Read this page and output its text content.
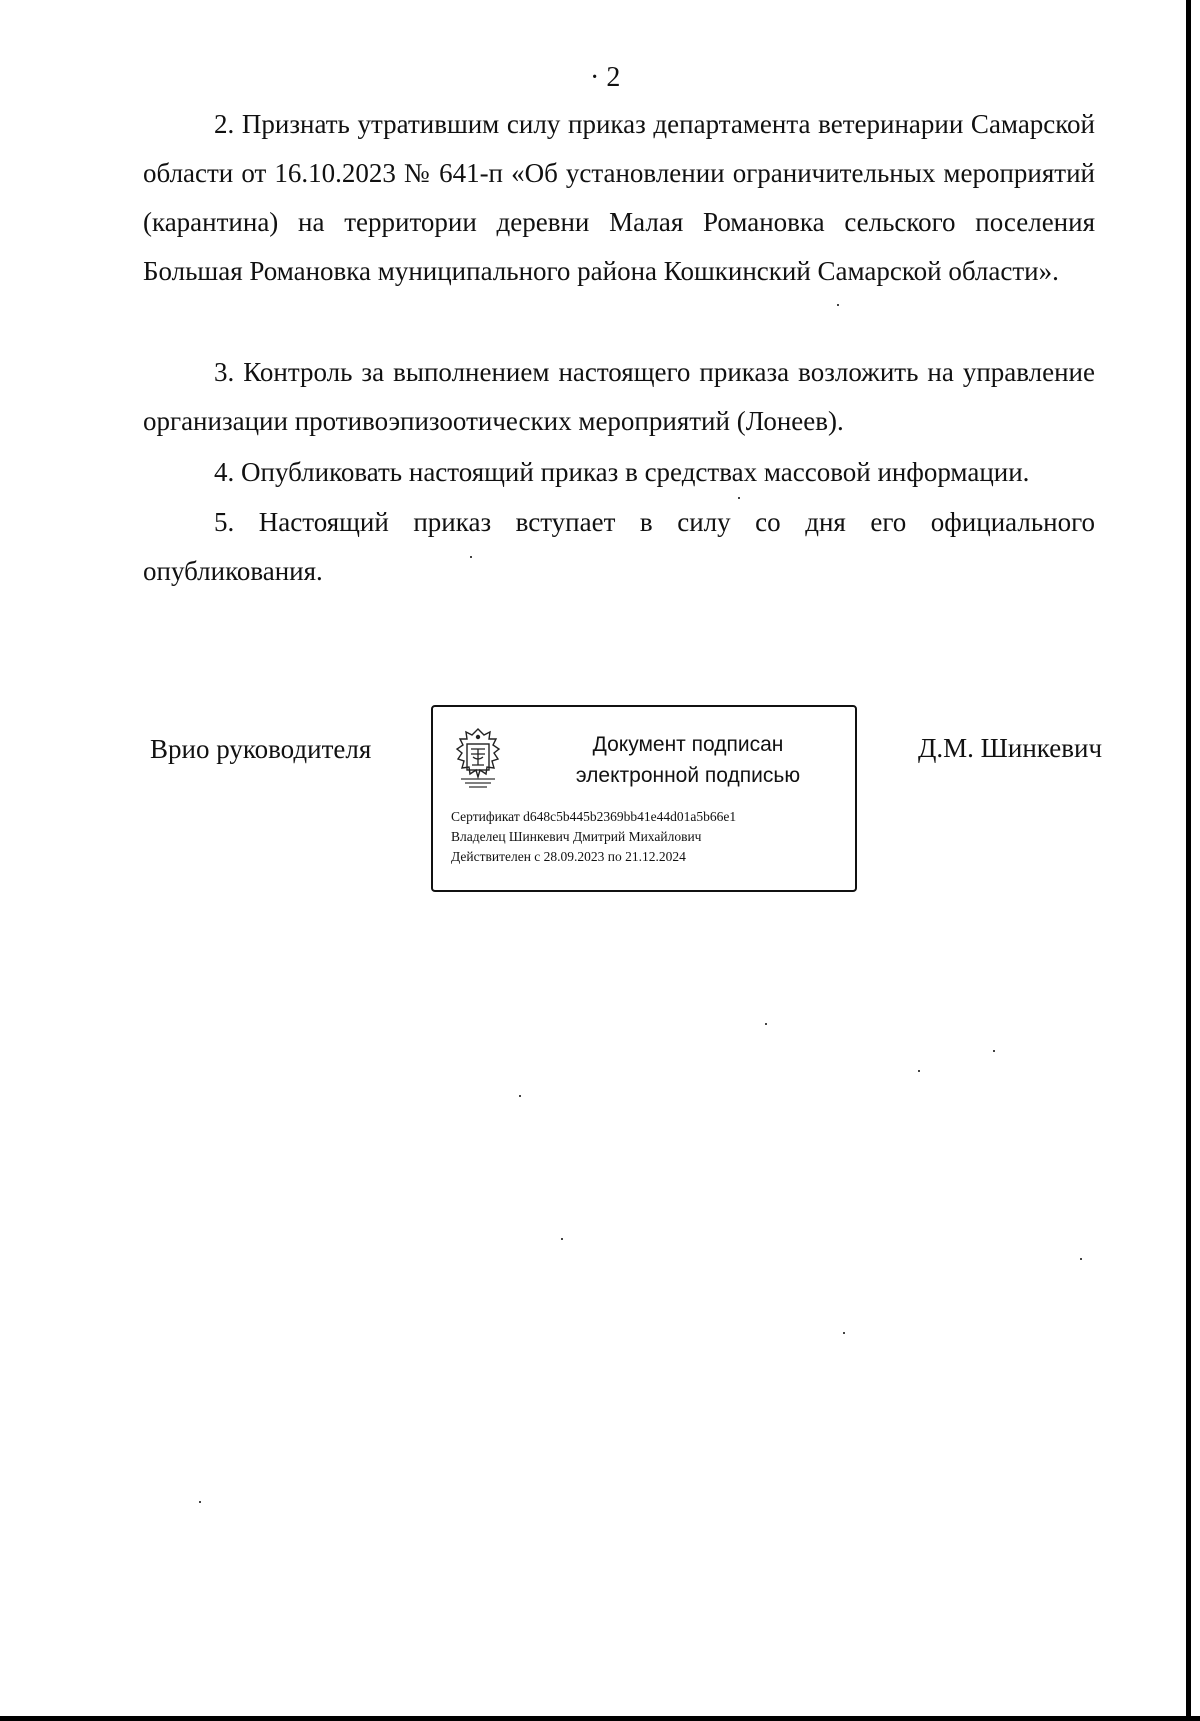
· 2

2. Признать утратившим силу приказ департамента ветеринарии Самарской области от 16.10.2023 № 641-п «Об установлении ограничительных мероприятий (карантина) на территории деревни Малая Романовка сельского поселения Большая Романовка муниципального района Кошкинский Самарской области».

3. Контроль за выполнением настоящего приказа возложить на управление организации противоэпизоотических мероприятий (Лонеев).

4. Опубликовать настоящий приказ в средствах массовой информации.

5. Настоящий приказ вступает в силу со дня его официального опубликования.

Врио руководителя	Документ подписан
электронной подписью
Сертификат d648c5b445b2369bb41e44d01a5b66e1
Владелец Шинкевич Дмитрий Михайлович
Действителен с 28.09.2023 по 21.12.2024
Д.М. Шинкевич
